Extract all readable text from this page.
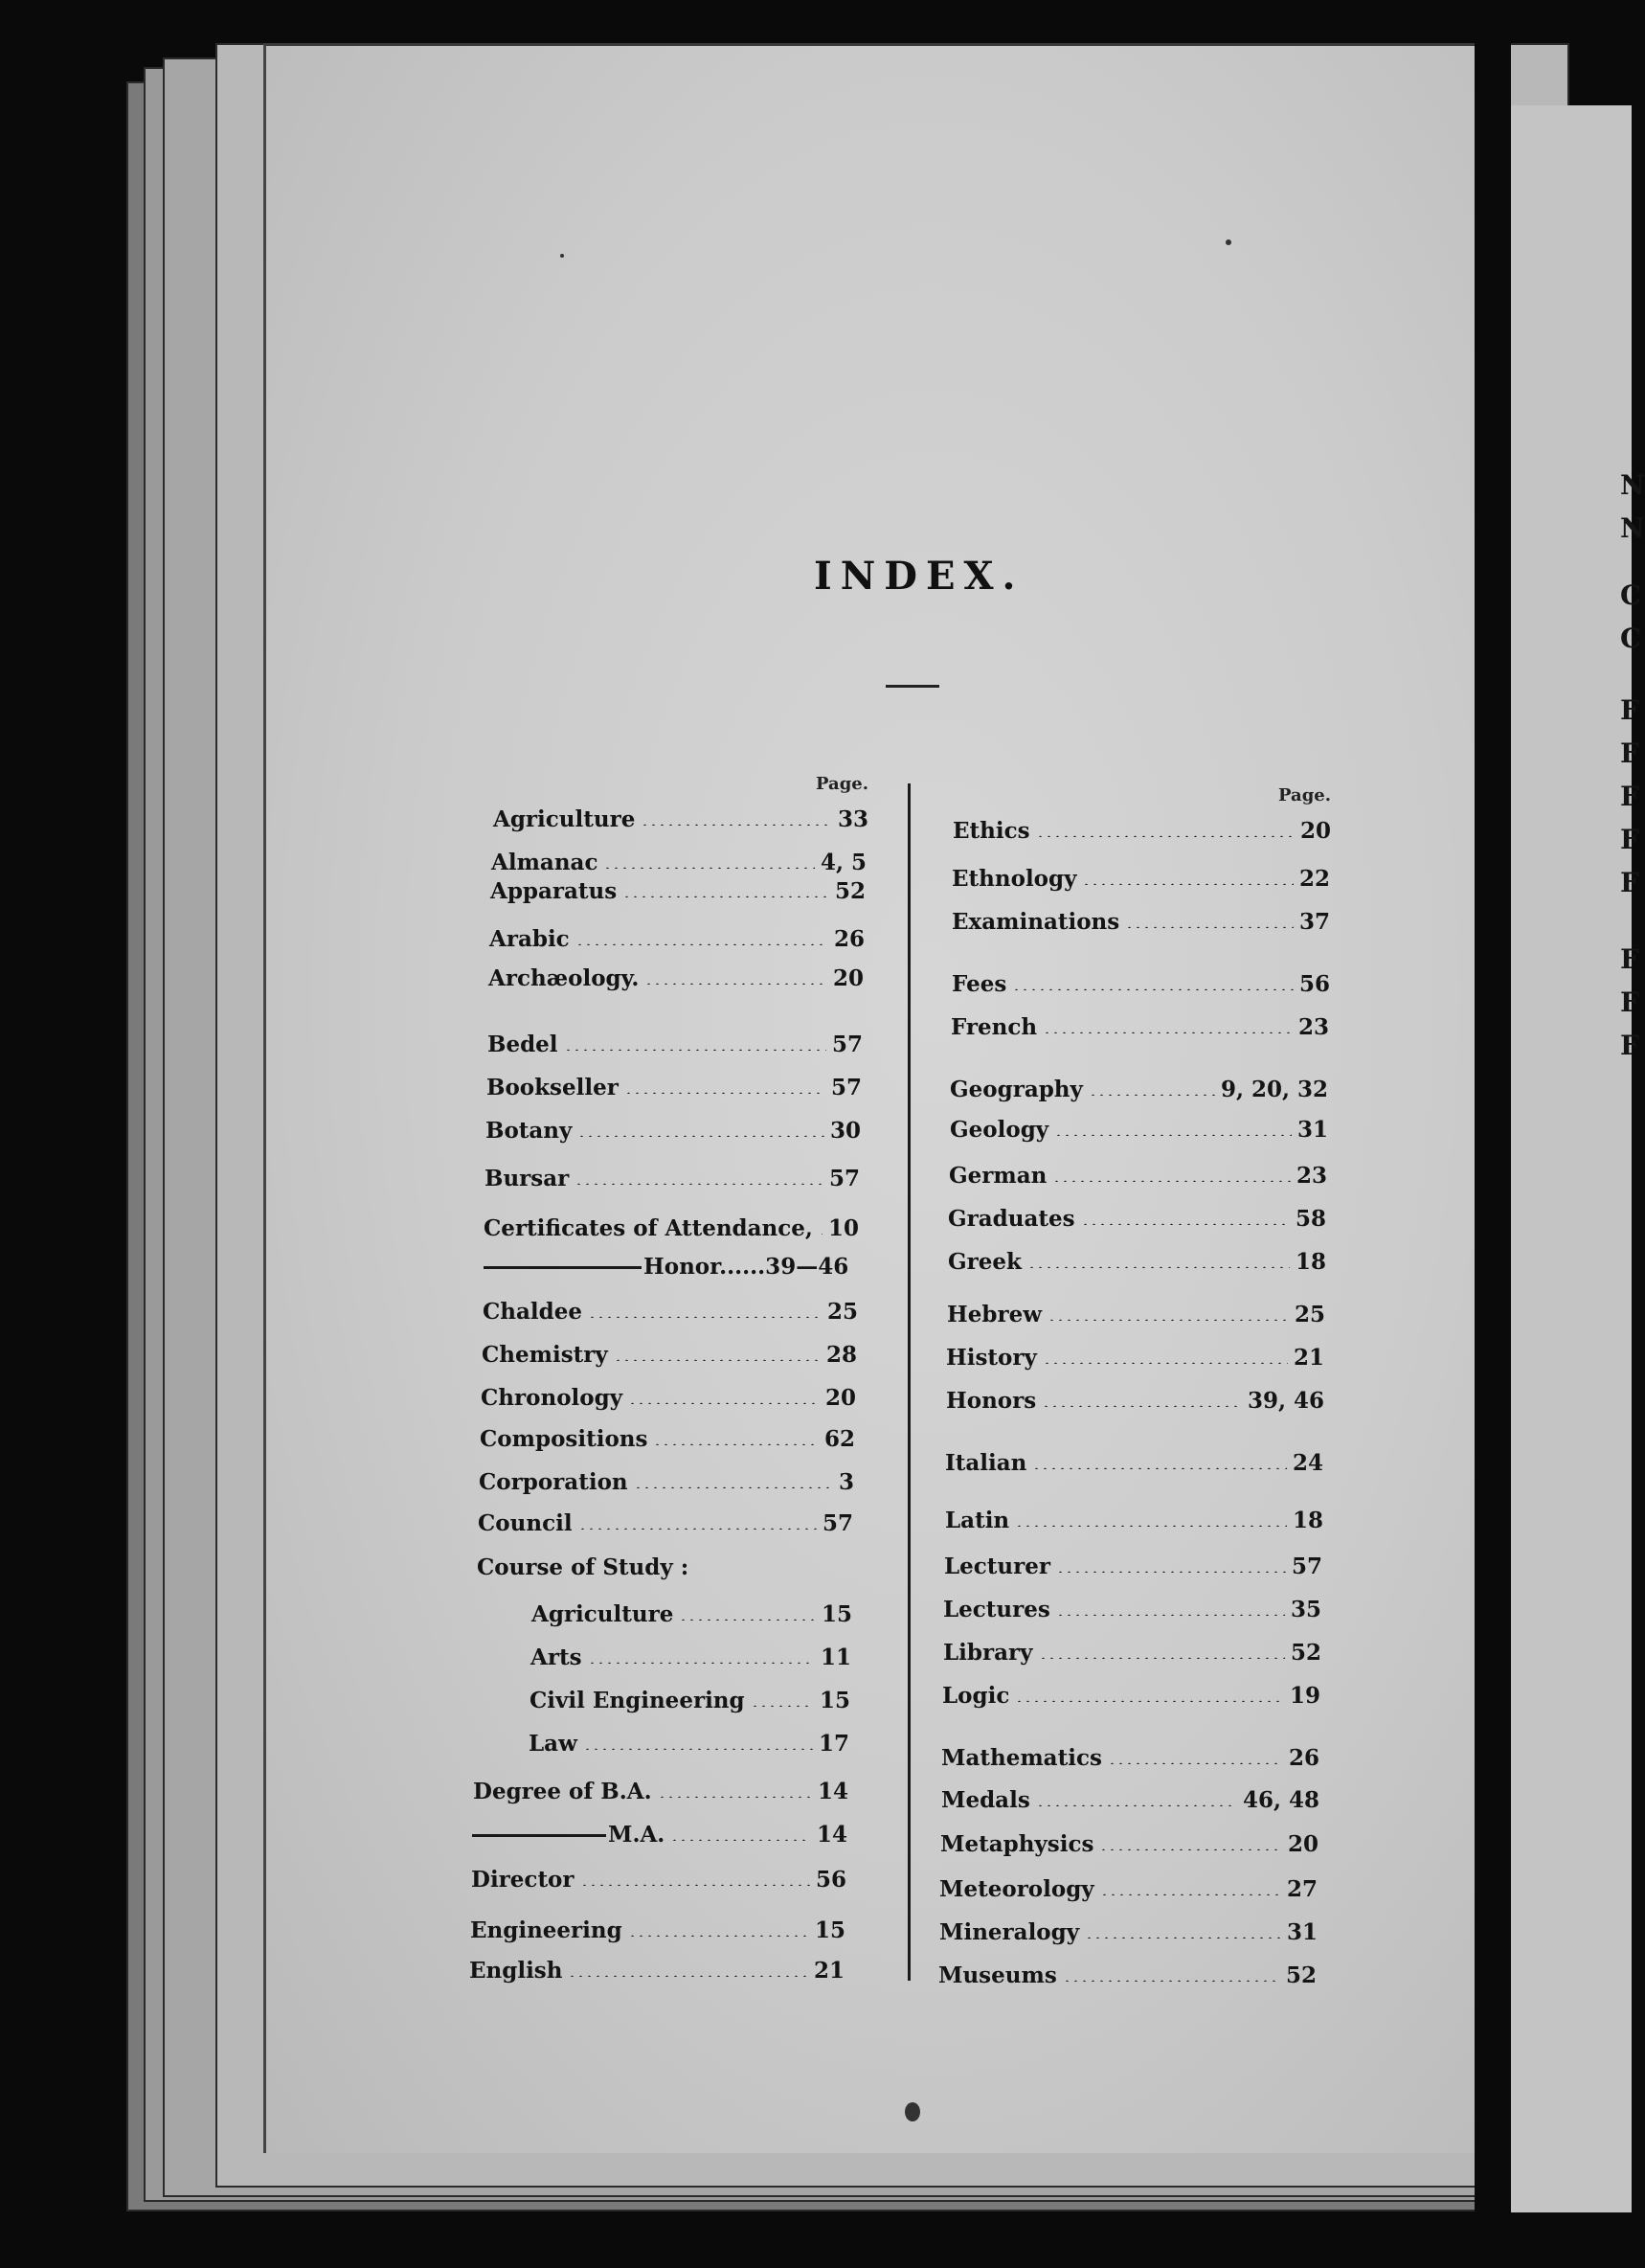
N
N
C
C
F
F
F
F
F
F
F
F
INDEX.
Page.
Page.
Agriculture	33
Almanac	4, 5
Apparatus	52
Arabic	26
Archæology.	20
Bedel	57
Bookseller	57
Botany	30
Bursar	57
Certificates of Attendance, 10
Honor......39—46
Chaldee	25
Chemistry	28
Chronology	20
Compositions	62
Corporation	3
Council	57
Course of Study :
Agriculture	15
Arts	11
Civil Engineering	15
Law	17
Degree of B.A.	14
M.A.	14
Director	56
Engineering	15
English	21
Ethics	20
Ethnology	22
Examinations	37
Fees	56
French	23
Geography	9, 20, 32
Geology	31
German	23
Graduates	58
Greek	18
Hebrew	25
History	21
Honors	39, 46
Italian	24
Latin	18
Lecturer	57
Lectures	35
Library	52
Logic	19
Mathematics	26
Medals	46, 48
Metaphysics	20
Meteorology	27
Mineralogy	31
Museums	52
